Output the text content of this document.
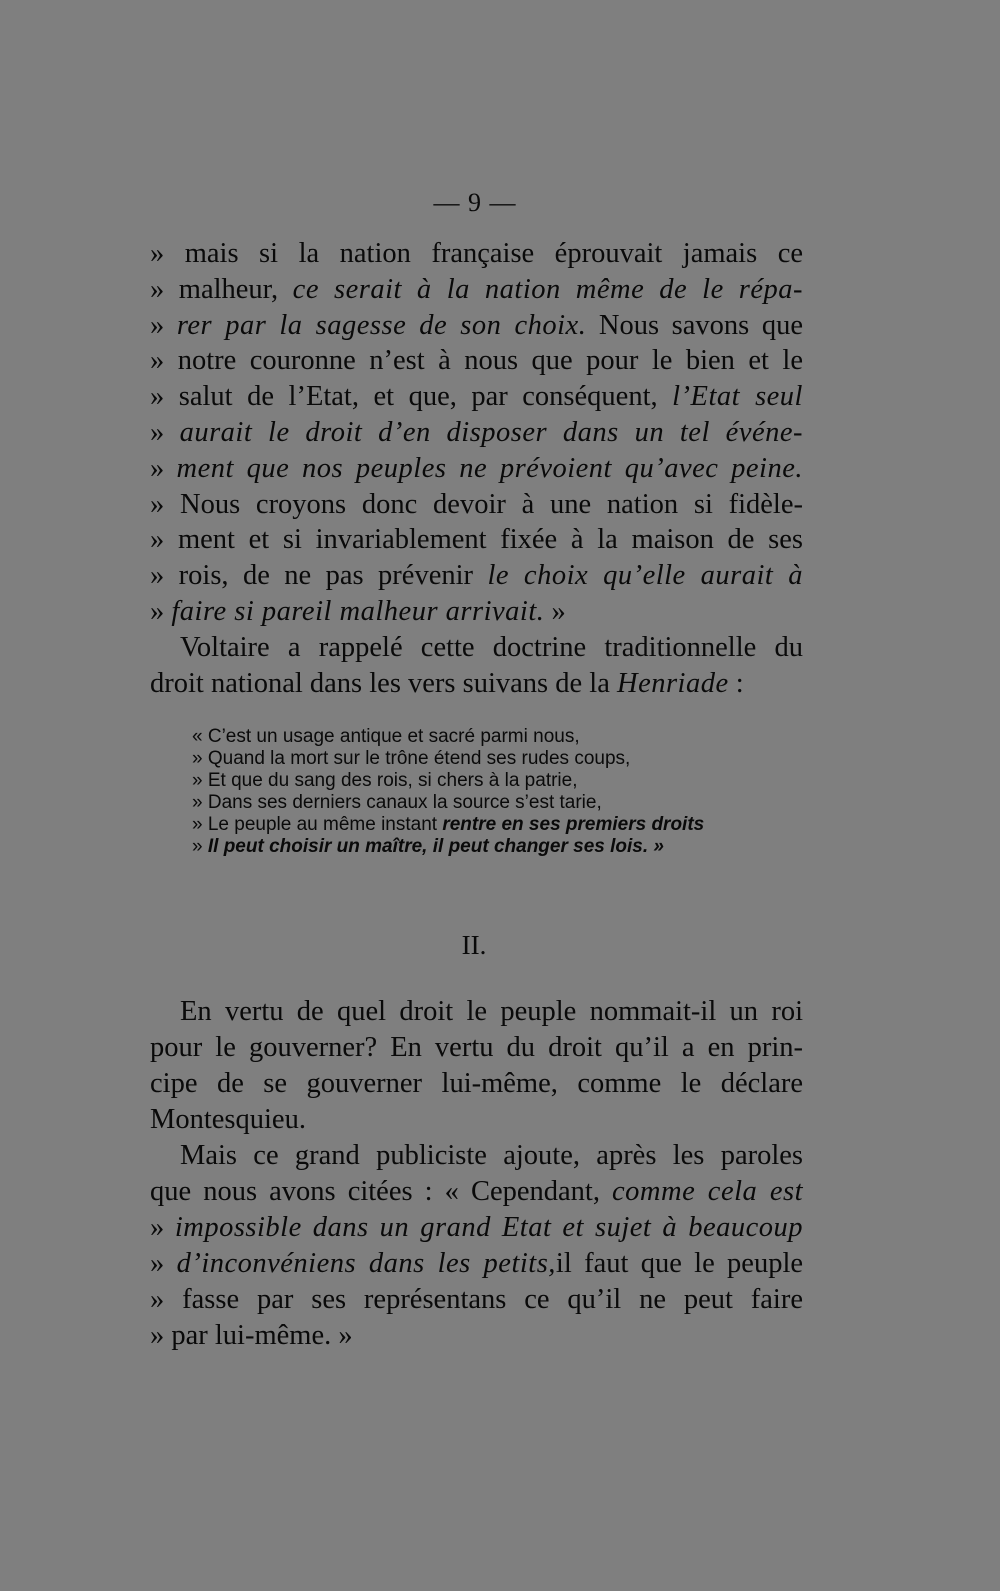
— 9 —
» mais si la nation française éprouvait jamais ce
» malheur, ce serait à la nation même de le répa-
» rer par la sagesse de son choix. Nous savons que
» notre couronne n’est à nous que pour le bien et le
» salut de l’Etat, et que, par conséquent, l’Etat seul
» aurait le droit d’en disposer dans un tel événe-
» ment que nos peuples ne prévoient qu’avec peine.
» Nous croyons donc devoir à une nation si fidèle-
» ment et si invariablement fixée à la maison de ses
» rois, de ne pas prévenir le choix qu’elle aurait à
» faire si pareil malheur arrivait. »
Voltaire a rappelé cette doctrine traditionnelle du
droit national dans les vers suivans de la Henriade :
« C’est un usage antique et sacré parmi nous,
» Quand la mort sur le trône étend ses rudes coups,
» Et que du sang des rois, si chers à la patrie,
» Dans ses derniers canaux la source s’est tarie,
» Le peuple au même instant rentre en ses premiers droits
» Il peut choisir un maître, il peut changer ses lois. »
II.
En vertu de quel droit le peuple nommait-il un roi
pour le gouverner? En vertu du droit qu’il a en prin-
cipe de se gouverner lui-même, comme le déclare
Montesquieu.
Mais ce grand publiciste ajoute, après les paroles
que nous avons citées : « Cependant, comme cela est
» impossible dans un grand Etat et sujet à beaucoup
» d’inconvéniens dans les petits,il faut que le peuple
» fasse par ses représentans ce qu’il ne peut faire
» par lui-même. »
